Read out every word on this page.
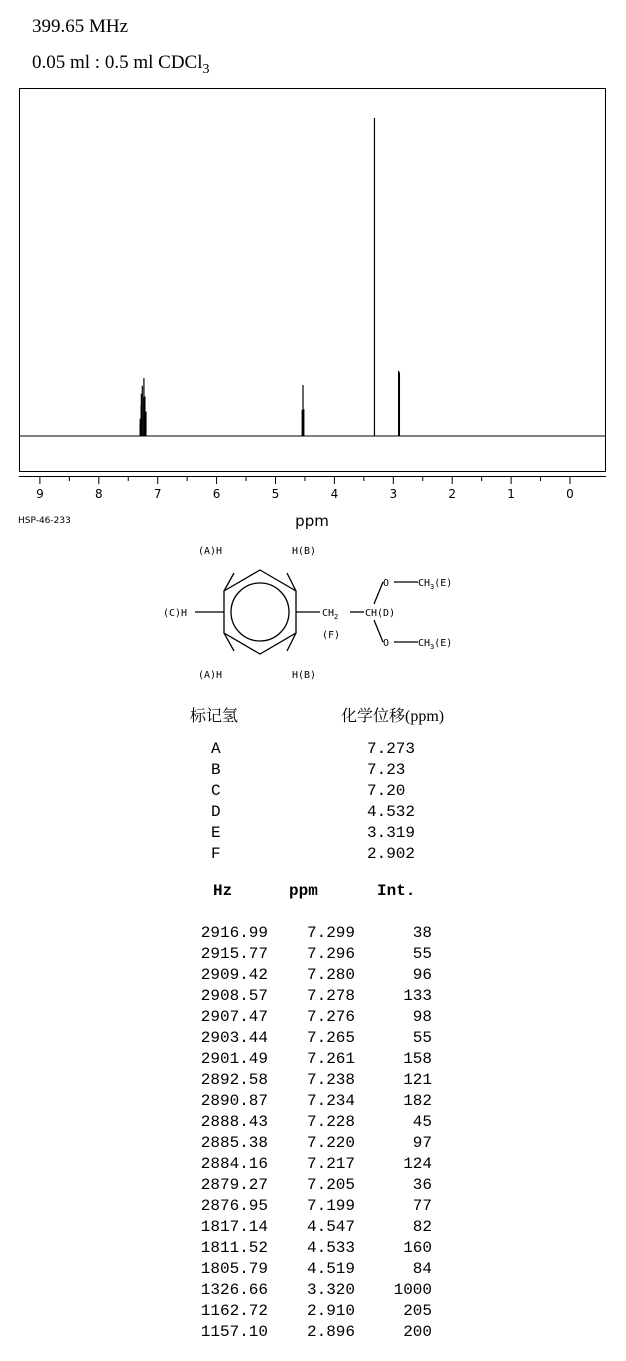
399.65 MHz
0.05 ml : 0.5 ml CDCl$_3$
9	8	7	6	5	4	3	2	1	0
ppm
HSP-46-233
(A)H	H(B)
(C)H
(A)H	H(B)
$CH_2$
(F)
CH(D)
O	$CH_3(E)$
O	$CH_3(E)$
标记氢	化学位移(ppm)
A	7.273
B	7.23
C	7.20
D	4.532
E	3.319
F	2.902
Hz	ppm	Int.
2916.99	7.299	38
2915.77	7.296	55
2909.42	7.280	96
2908.57	7.278	133
2907.47	7.276	98
2903.44	7.265	55
2901.49	7.261	158
2892.58	7.238	121
2890.87	7.234	182
2888.43	7.228	45
2885.38	7.220	97
2884.16	7.217	124
2879.27	7.205	36
2876.95	7.199	77
1817.14	4.547	82
1811.52	4.533	160
1805.79	4.519	84
1326.66	3.320	1000
1162.72	2.910	205
1157.10	2.896	200
